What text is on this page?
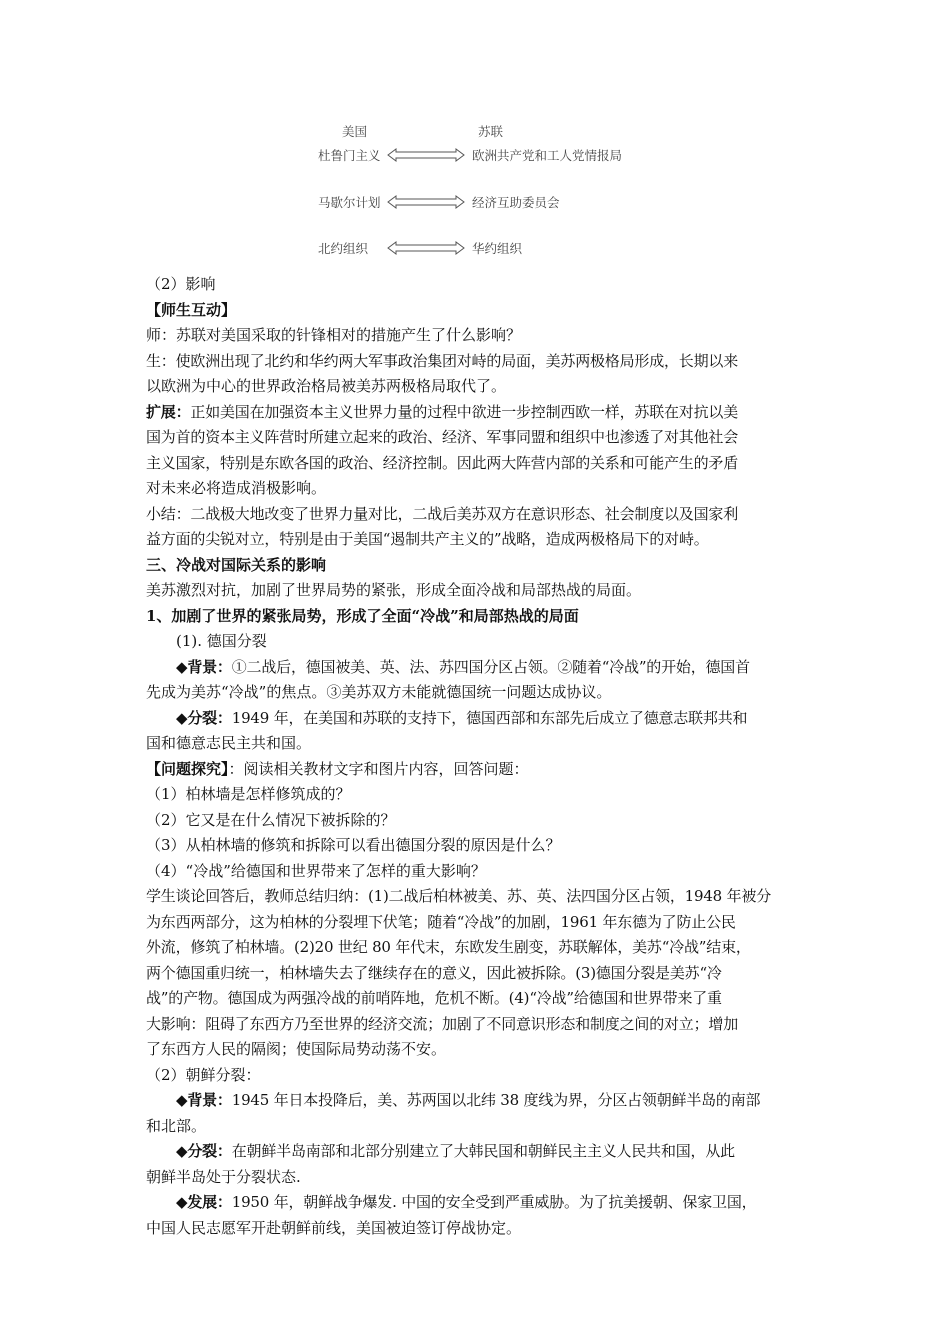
美国	苏联
杜鲁门主义	欧洲共产党和工人党情报局
马歇尔计划	经济互助委员会
北约组织	华约组织
（2）影响
【师生互动】
师：苏联对美国采取的针锋相对的措施产生了什么影响？
生：使欧洲出现了北约和华约两大军事政治集团对峙的局面，美苏两极格局形成，长期以来
以欧洲为中心的世界政治格局被美苏两极格局取代了。
扩展：正如美国在加强资本主义世界力量的过程中欲进一步控制西欧一样，苏联在对抗以美
国为首的资本主义阵营时所建立起来的政治、经济、军事同盟和组织中也渗透了对其他社会
主义国家，特别是东欧各国的政治、经济控制。因此两大阵营内部的关系和可能产生的矛盾
对未来必将造成消极影响。
小结：二战极大地改变了世界力量对比，二战后美苏双方在意识形态、社会制度以及国家利
益方面的尖锐对立，特别是由于美国“遏制共产主义的”战略，造成两极格局下的对峙。
三、冷战对国际关系的影响
美苏激烈对抗，加剧了世界局势的紧张，形成全面冷战和局部热战的局面。
1、加剧了世界的紧张局势，形成了全面“冷战”和局部热战的局面
(1). 德国分裂
◆背景：①二战后，德国被美、英、法、苏四国分区占领。②随着“冷战”的开始，德国首
先成为美苏“冷战”的焦点。③美苏双方未能就德国统一问题达成协议。
◆分裂：1949 年，在美国和苏联的支持下，德国西部和东部先后成立了德意志联邦共和
国和德意志民主共和国。
【问题探究】：阅读相关教材文字和图片内容，回答问题：
（1）柏林墙是怎样修筑成的？
（2）它又是在什么情况下被拆除的？
（3）从柏林墙的修筑和拆除可以看出德国分裂的原因是什么？
（4）“冷战”给德国和世界带来了怎样的重大影响？
学生谈论回答后，教师总结归纳：(1)二战后柏林被美、苏、英、法四国分区占领，1948 年被分
为东西两部分，这为柏林的分裂埋下伏笔；随着“冷战”的加剧，1961 年东德为了防止公民
外流，修筑了柏林墙。(2)20 世纪 80 年代末，东欧发生剧变，苏联解体，美苏“冷战”结束，
两个德国重归统一，柏林墙失去了继续存在的意义，因此被拆除。(3)德国分裂是美苏“冷
战”的产物。德国成为两强冷战的前哨阵地，危机不断。(4)“冷战”给德国和世界带来了重
大影响：阻碍了东西方乃至世界的经济交流；加剧了不同意识形态和制度之间的对立；增加
了东西方人民的隔阂；使国际局势动荡不安。
（2）朝鲜分裂：
◆背景：1945 年日本投降后，美、苏两国以北纬 38 度线为界，分区占领朝鲜半岛的南部
和北部。
◆分裂：在朝鲜半岛南部和北部分别建立了大韩民国和朝鲜民主主义人民共和国，从此
朝鲜半岛处于分裂状态.
◆发展：1950 年，朝鲜战争爆发. 中国的安全受到严重威胁。为了抗美援朝、保家卫国，
中国人民志愿军开赴朝鲜前线，美国被迫签订停战协定。
